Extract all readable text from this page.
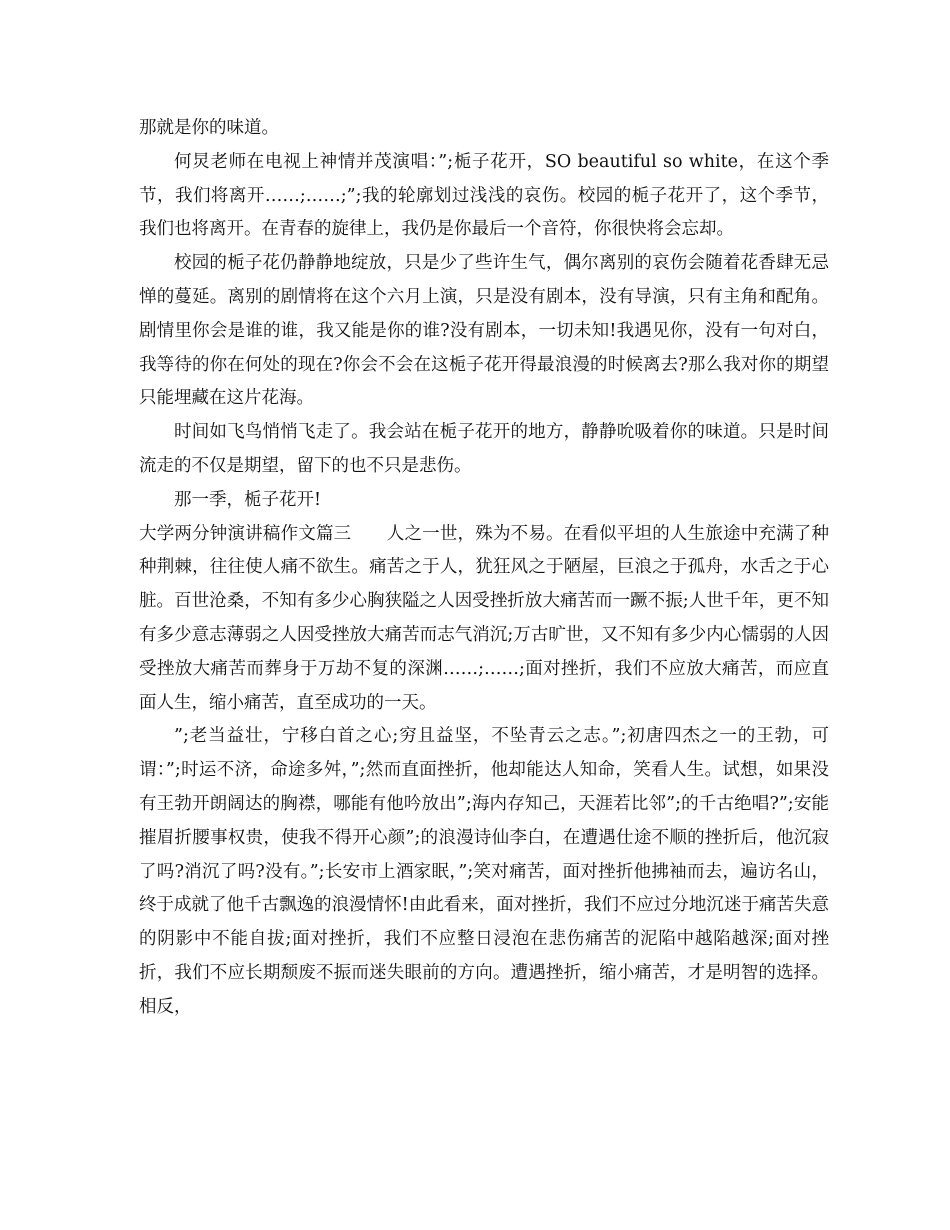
那就是你的味道。

何炅老师在电视上神情并茂演唱：”;栀子花开，SO beautiful so white，在这个季节，我们将离开……;……;”;我的轮廓划过浅浅的哀伤。校园的栀子花开了，这个季节，我们也将离开。在青春的旋律上，我仍是你最后一个音符，你很快将会忘却。

校园的栀子花仍静静地绽放，只是少了些许生气，偶尔离别的哀伤会随着花香肆无忌惮的蔓延。离别的剧情将在这个六月上演，只是没有剧本，没有导演，只有主角和配角。剧情里你会是谁的谁，我又能是你的谁?没有剧本，一切未知!我遇见你，没有一句对白，我等待的你在何处的现在?你会不会在这栀子花开得最浪漫的时候离去?那么我对你的期望只能埋藏在这片花海。

时间如飞鸟悄悄飞走了。我会站在栀子花开的地方，静静吮吸着你的味道。只是时间流走的不仅是期望，留下的也不只是悲伤。

那一季，栀子花开!

大学两分钟演讲稿作文篇三　　人之一世，殊为不易。在看似平坦的人生旅途中充满了种种荆棘，往往使人痛不欲生。痛苦之于人，犹狂风之于陋屋，巨浪之于孤舟，水舌之于心脏。百世沧桑，不知有多少心胸狭隘之人因受挫折放大痛苦而一蹶不振;人世千年，更不知有多少意志薄弱之人因受挫放大痛苦而志气消沉;万古旷世，又不知有多少内心懦弱的人因受挫放大痛苦而葬身于万劫不复的深渊……;……;面对挫折，我们不应放大痛苦，而应直面人生，缩小痛苦，直至成功的一天。

”;老当益壮，宁移白首之心;穷且益坚，不坠青云之志。”;初唐四杰之一的王勃，可谓：”;时运不济，命途多舛，”;然而直面挫折，他却能达人知命，笑看人生。试想，如果没有王勃开朗阔达的胸襟，哪能有他吟放出”;海内存知己，天涯若比邻”;的千古绝唱?”;安能摧眉折腰事权贵，使我不得开心颜”;的浪漫诗仙李白，在遭遇仕途不顺的挫折后，他沉寂了吗?消沉了吗?没有。”;长安市上酒家眠，”;笑对痛苦，面对挫折他拂袖而去，遍访名山，终于成就了他千古飘逸的浪漫情怀!由此看来，面对挫折，我们不应过分地沉迷于痛苦失意的阴影中不能自拔;面对挫折，我们不应整日浸泡在悲伤痛苦的泥陷中越陷越深;面对挫折，我们不应长期颓废不振而迷失眼前的方向。遭遇挫折，缩小痛苦，才是明智的选择。相反，
